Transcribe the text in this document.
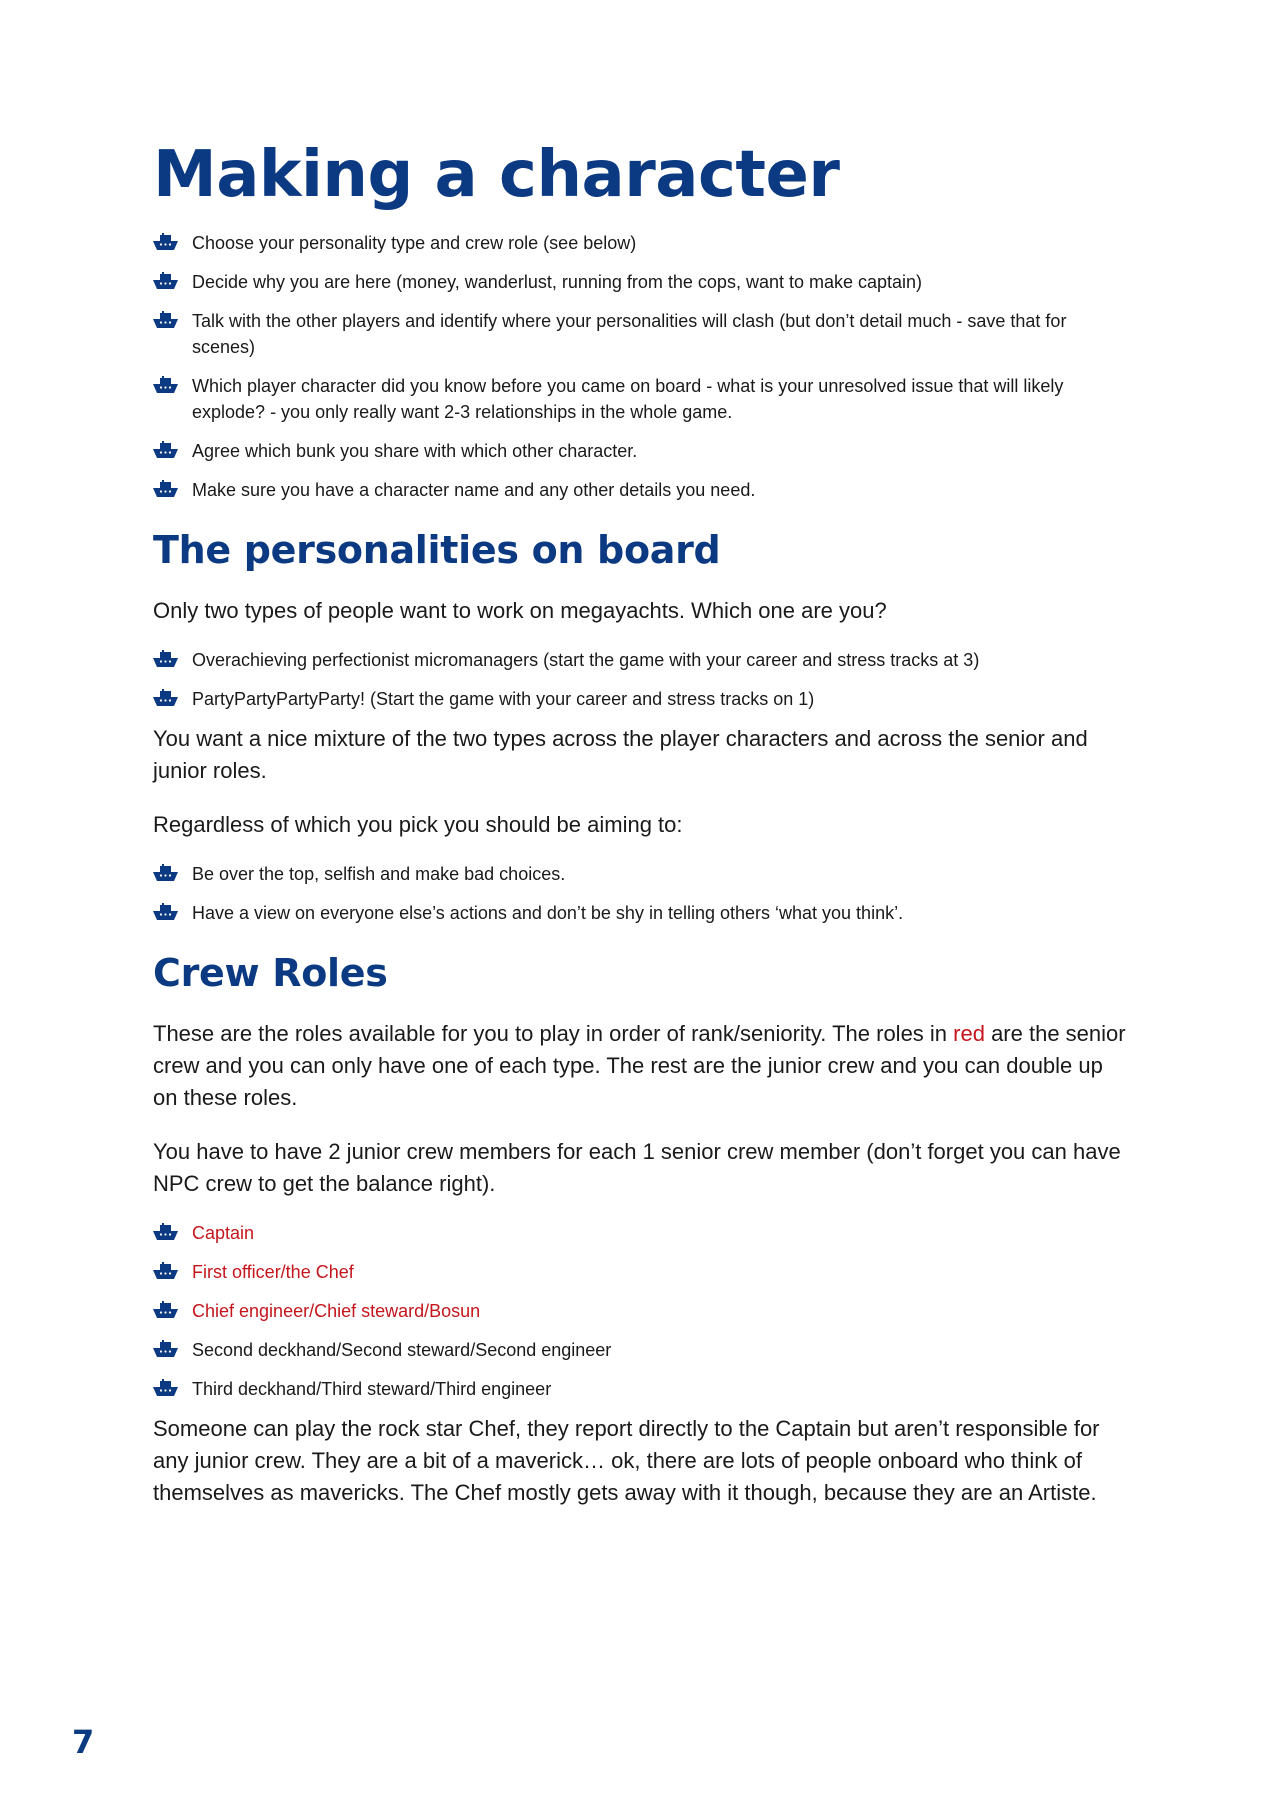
Making a character
Choose your personality type and crew role (see below)
Decide why you are here (money, wanderlust, running from the cops, want to make captain)
Talk with the other players and identify where your personalities will clash (but don’t detail much - save that for scenes)
Which player character did you know before you came on board - what is your unresolved issue that will likely explode? - you only really want 2-3 relationships in the whole game.
Agree which bunk you share with which other character.
Make sure you have a character name and any other details you need.
The personalities on board

Only two types of people want to work on megayachts. Which one are you?

Overachieving perfectionist micromanagers (start the game with your career and stress tracks at 3)
PartyPartyPartyParty! (Start the game with your career and stress tracks on 1)

You want a nice mixture of the two types across the player characters and across the senior and junior roles.

Regardless of which you pick you should be aiming to:

Be over the top, selfish and make bad choices.
Have a view on everyone else’s actions and don’t be shy in telling others ‘what you think’.
Crew Roles

These are the roles available for you to play in order of rank/seniority. The roles in red are the senior crew and you can only have one of each type. The rest are the junior crew and you can double up on these roles.

You have to have 2 junior crew members for each 1 senior crew member (don’t forget you can have NPC crew to get the balance right).

Captain
First officer/the Chef
Chief engineer/Chief steward/Bosun
Second deckhand/Second steward/Second engineer
Third deckhand/Third steward/Third engineer

Someone can play the rock star Chef, they report directly to the Captain but aren’t responsible for any junior crew. They are a bit of a maverick… ok, there are lots of people onboard who think of themselves as mavericks. The Chef mostly gets away with it though, because they are an Artiste.

7
